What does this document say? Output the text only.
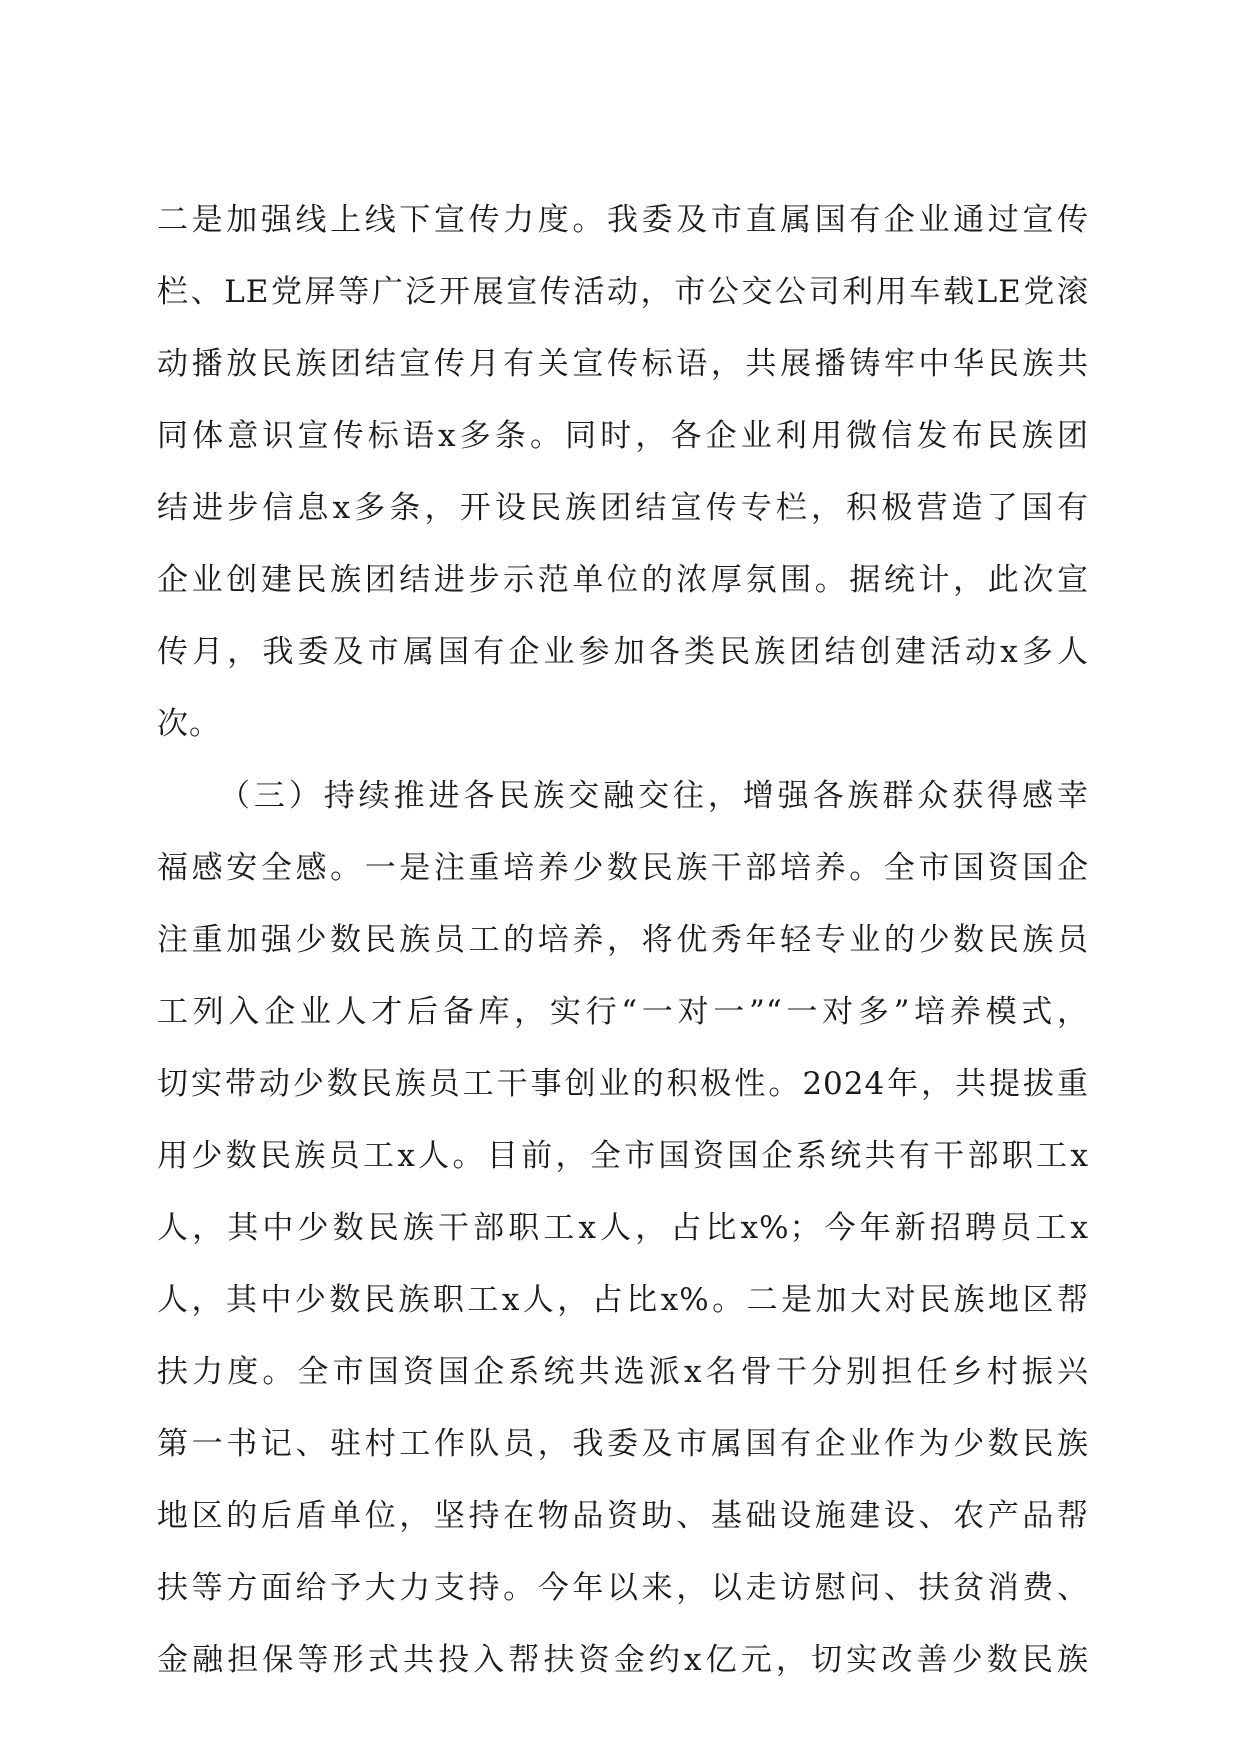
二是加强线上线下宣传力度。我委及市直属国有企业通过宣传
栏、LE党屏等广泛开展宣传活动，市公交公司利用车载LE党滚
动播放民族团结宣传月有关宣传标语，共展播铸牢中华民族共
同体意识宣传标语x多条。同时，各企业利用微信发布民族团
结进步信息x多条，开设民族团结宣传专栏，积极营造了国有
企业创建民族团结进步示范单位的浓厚氛围。据统计，此次宣
传月，我委及市属国有企业参加各类民族团结创建活动x多人
次。
（三）持续推进各民族交融交往，增强各族群众获得感幸
福感安全感。一是注重培养少数民族干部培养。全市国资国企
注重加强少数民族员工的培养，将优秀年轻专业的少数民族员
工列入企业人才后备库，实行“一对一”“一对多”培养模式，
切实带动少数民族员工干事创业的积极性。2024年，共提拔重
用少数民族员工x人。目前，全市国资国企系统共有干部职工x
人，其中少数民族干部职工x人，占比x%；今年新招聘员工x
人，其中少数民族职工x人，占比x%。二是加大对民族地区帮
扶力度。全市国资国企系统共选派x名骨干分别担任乡村振兴
第一书记、驻村工作队员，我委及市属国有企业作为少数民族
地区的后盾单位，坚持在物品资助、基础设施建设、农产品帮
扶等方面给予大力支持。今年以来，以走访慰问、扶贫消费、
金融担保等形式共投入帮扶资金约x亿元，切实改善少数民族
